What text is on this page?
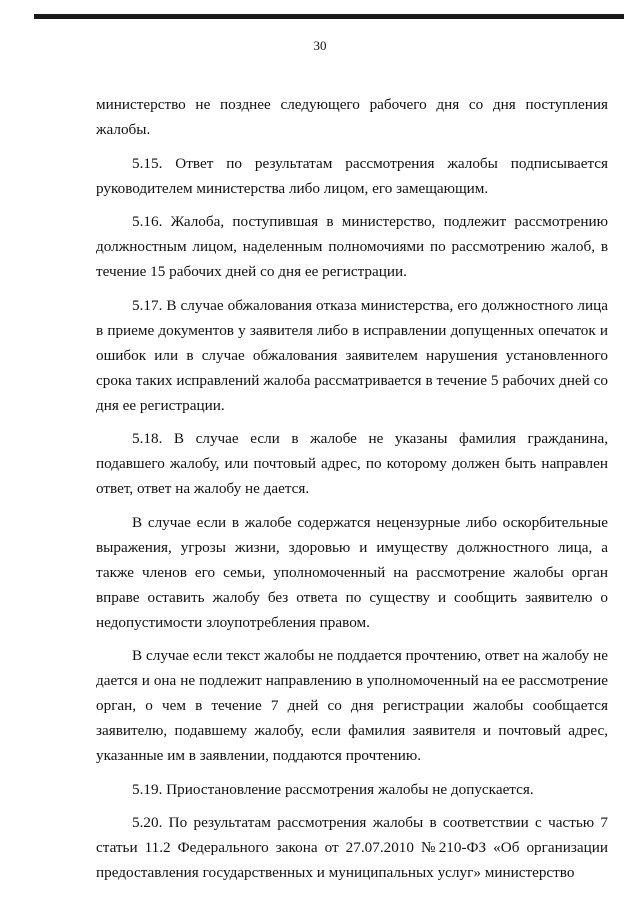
30

министерство не позднее следующего рабочего дня со дня поступления жалобы.

5.15. Ответ по результатам рассмотрения жалобы подписывается руководителем министерства либо лицом, его замещающим.

5.16. Жалоба, поступившая в министерство, подлежит рассмотрению должностным лицом, наделенным полномочиями по рассмотрению жалоб, в течение 15 рабочих дней со дня ее регистрации.

5.17. В случае обжалования отказа министерства, его должностного лица в приеме документов у заявителя либо в исправлении допущенных опечаток и ошибок или в случае обжалования заявителем нарушения установленного срока таких исправлений жалоба рассматривается в течение 5 рабочих дней со дня ее регистрации.

5.18. В случае если в жалобе не указаны фамилия гражданина, подавшего жалобу, или почтовый адрес, по которому должен быть направлен ответ, ответ на жалобу не дается.

В случае если в жалобе содержатся нецензурные либо оскорбительные выражения, угрозы жизни, здоровью и имуществу должностного лица, а также членов его семьи, уполномоченный на рассмотрение жалобы орган вправе оставить жалобу без ответа по существу и сообщить заявителю о недопустимости злоупотребления правом.

В случае если текст жалобы не поддается прочтению, ответ на жалобу не дается и она не подлежит направлению в уполномоченный на ее рассмотрение орган, о чем в течение 7 дней со дня регистрации жалобы сообщается заявителю, подавшему жалобу, если фамилия заявителя и почтовый адрес, указанные им в заявлении, поддаются прочтению.

5.19. Приостановление рассмотрения жалобы не допускается.

5.20. По результатам рассмотрения жалобы в соответствии с частью 7 статьи 11.2 Федерального закона от 27.07.2010 №210-ФЗ «Об организации предоставления государственных и муниципальных услуг» министерство
